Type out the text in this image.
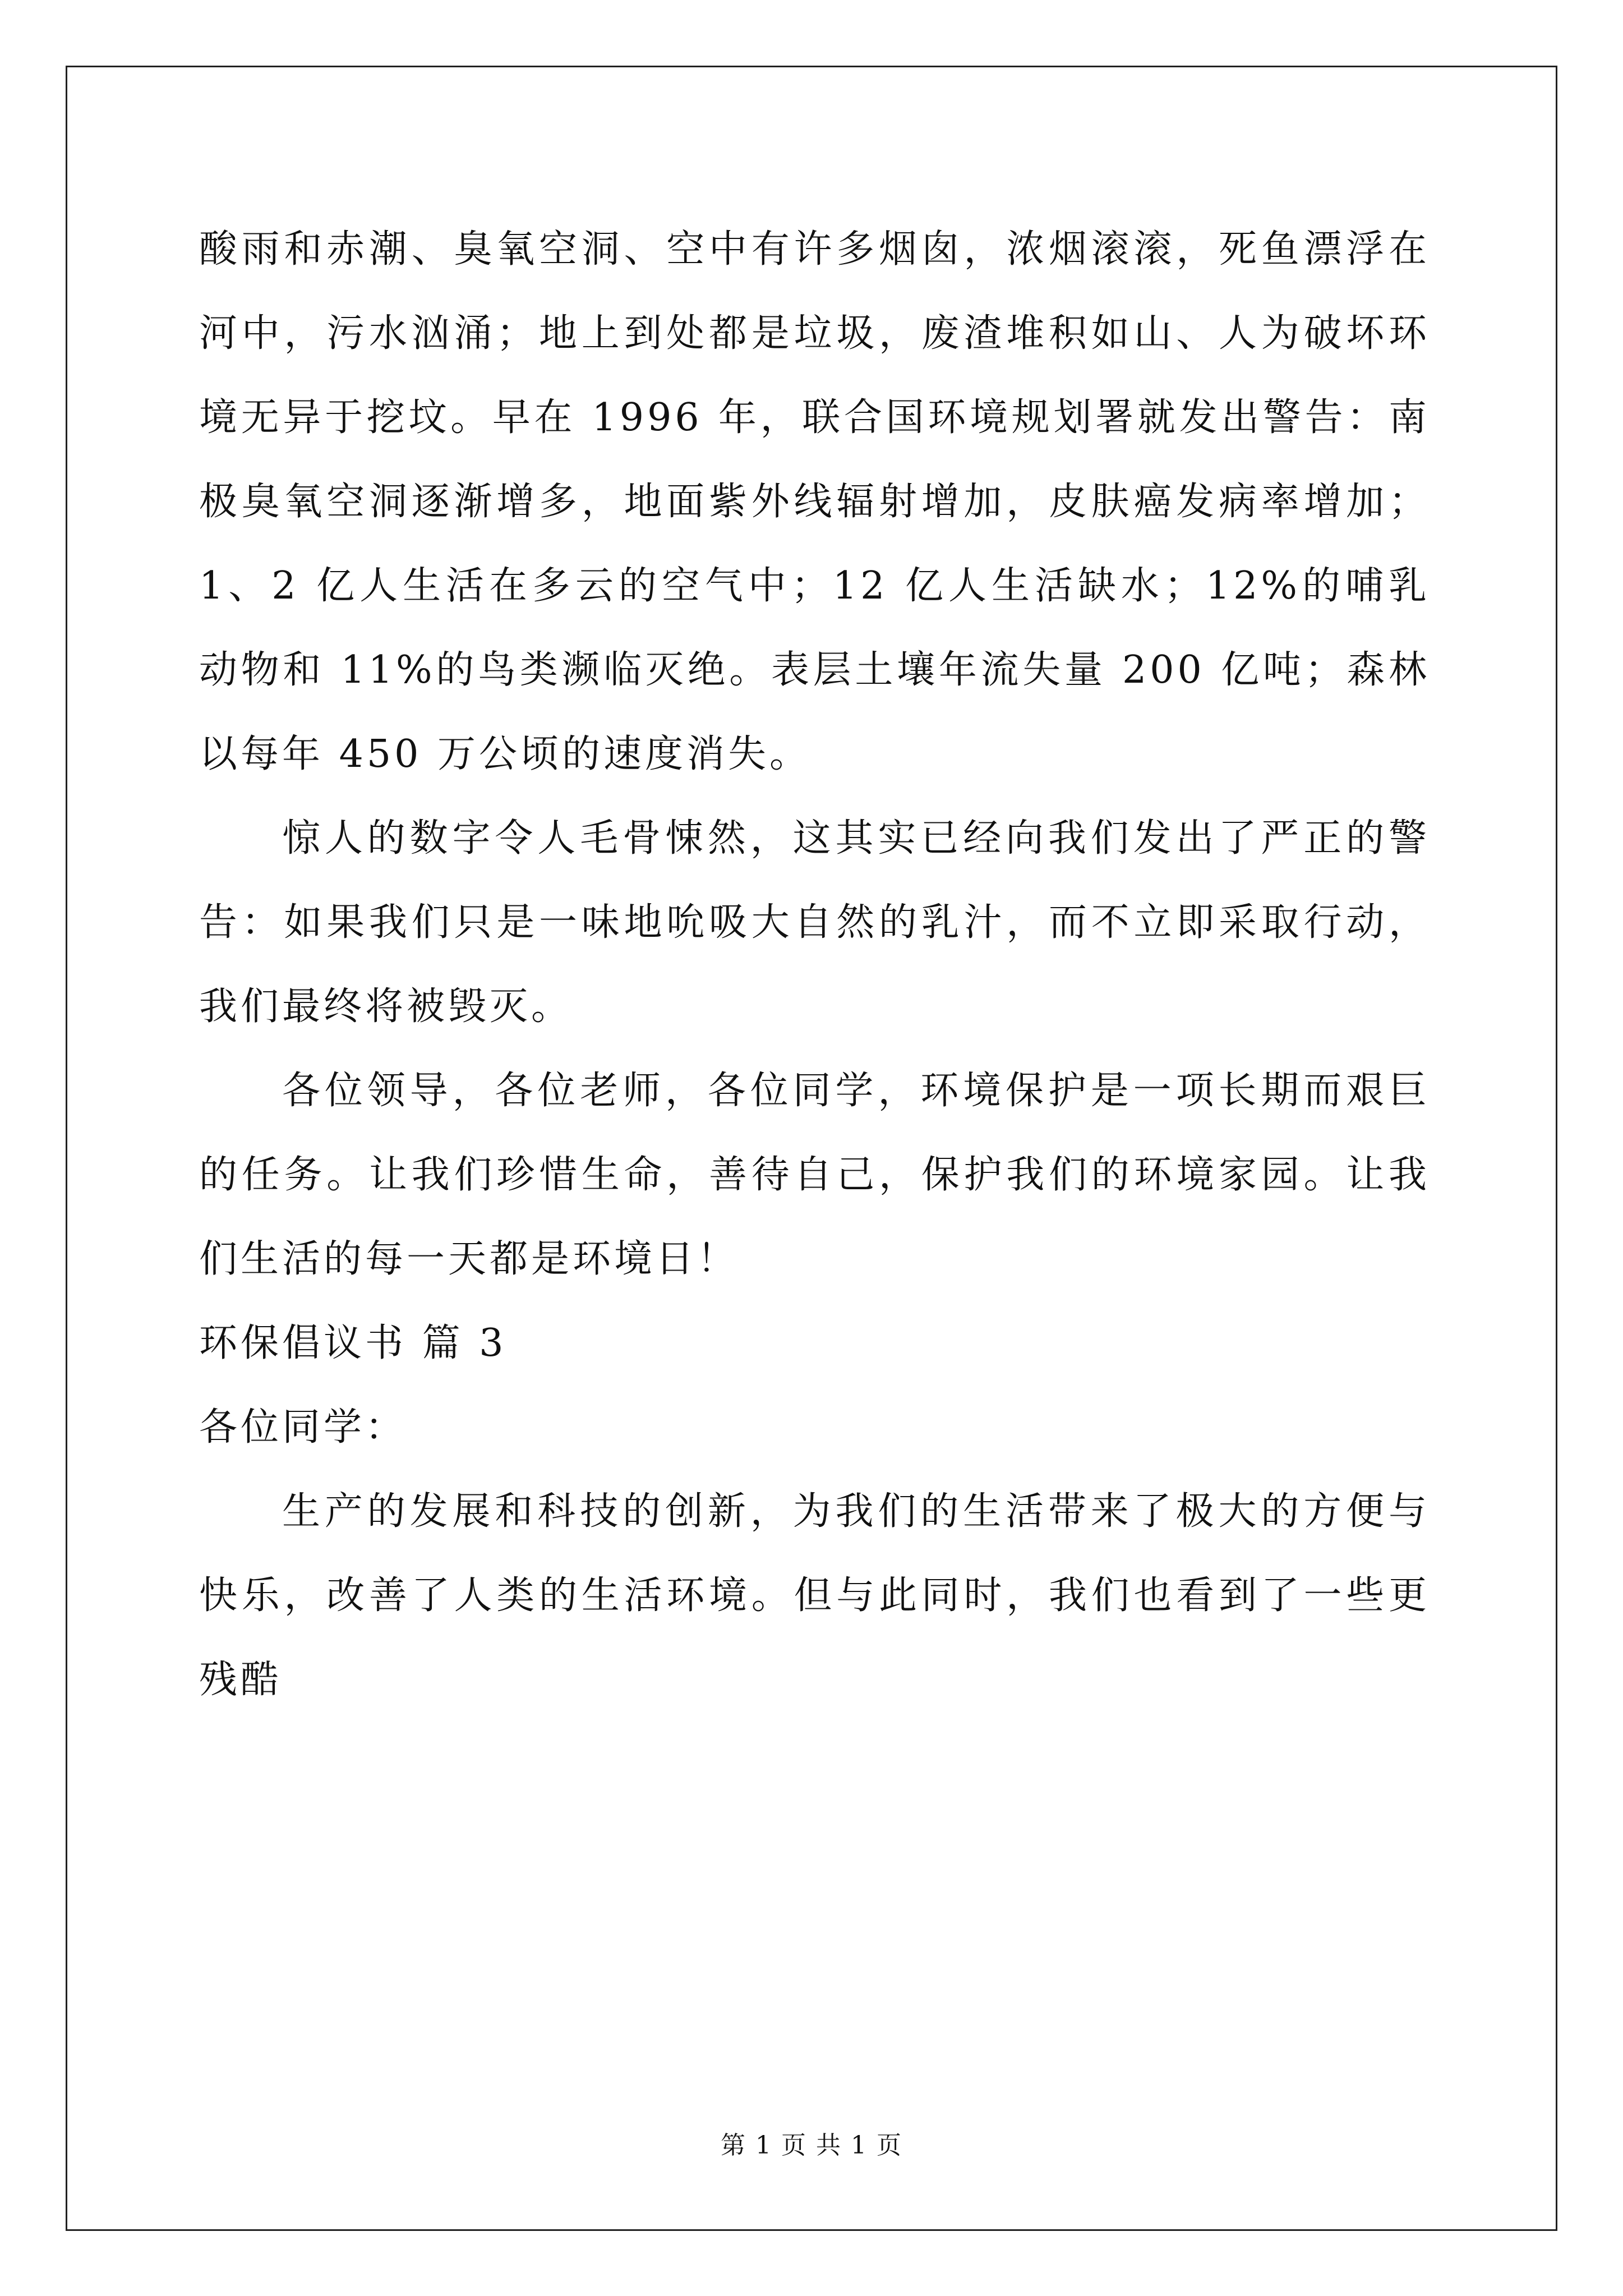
酸雨和赤潮、臭氧空洞、空中有许多烟囱，浓烟滚滚，死鱼漂浮在河中，污水汹涌；地上到处都是垃圾，废渣堆积如山、人为破坏环境无异于挖坟。早在 1996 年，联合国环境规划署就发出警告：南极臭氧空洞逐渐增多，地面紫外线辐射增加，皮肤癌发病率增加；1、2 亿人生活在多云的空气中；12 亿人生活缺水；12%的哺乳动物和 11%的鸟类濒临灭绝。表层土壤年流失量 200 亿吨；森林以每年 450 万公顷的速度消失。

惊人的数字令人毛骨悚然，这其实已经向我们发出了严正的警告：如果我们只是一味地吮吸大自然的乳汁，而不立即采取行动，我们最终将被毁灭。

各位领导，各位老师，各位同学，环境保护是一项长期而艰巨的任务。让我们珍惜生命，善待自己，保护我们的环境家园。让我们生活的每一天都是环境日！

环保倡议书 篇 3

各位同学：

生产的发展和科技的创新，为我们的生活带来了极大的方便与快乐，改善了人类的生活环境。但与此同时，我们也看到了一些更残酷

第 1 页 共 1 页
